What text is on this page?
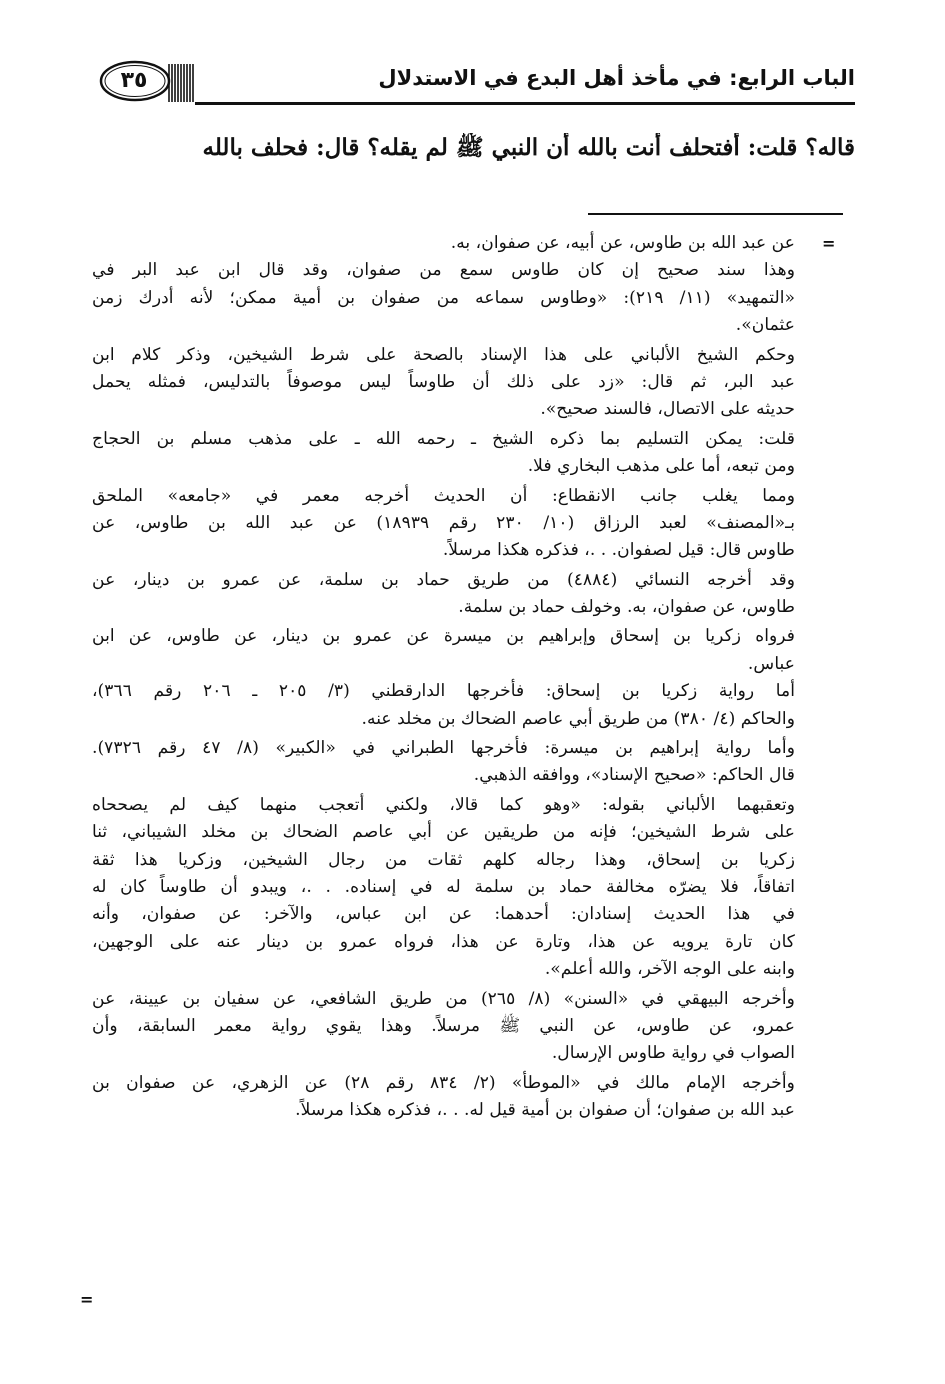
٣٥	الباب الرابع: في مأخذ أهل البدع في الاستدلال
قاله؟ قلت: أفتحلف أنت بالله أن النبي ﷺ لم يقله؟ قال: فحلف بالله
=
=
عن عبد الله بن طاوس، عن أبيه، عن صفوان، به.
وهذا سند صحيح إن كان طاوس سمع من صفوان، وقد قال ابن عبد البر في
«التمهيد» (١١/ ٢١٩): «وطاوس سماعه من صفوان بن أمية ممكن؛ لأنه أدرك زمن
عثمان».
وحكم الشيخ الألباني على هذا الإسناد بالصحة على شرط الشيخين، وذكر كلام ابن
عبد البر، ثم قال: «زد على ذلك أن طاوساً ليس موصوفاً بالتدليس، فمثله يحمل
حديثه على الاتصال، فالسند صحيح».
قلت: يمكن التسليم بما ذكره الشيخ ـ رحمه الله ـ على مذهب مسلم بن الحجاج
ومن تبعه، أما على مذهب البخاري فلا.
ومما يغلب جانب الانقطاع: أن الحديث أخرجه معمر في «جامعه» الملحق
بـ«المصنف» لعبد الرزاق (١٠/ ٢٣٠ رقم ١٨٩٣٩) عن عبد الله بن طاوس، عن
طاوس قال: قيل لصفوان. . .، فذكره هكذا مرسلاً.
وقد أخرجه النسائي (٤٨٨٤) من طريق حماد بن سلمة، عن عمرو بن دينار، عن
طاوس، عن صفوان، به. وخولف حماد بن سلمة.
فرواه زكريا بن إسحاق وإبراهيم بن ميسرة عن عمرو بن دينار، عن طاوس، عن ابن
عباس.
أما رواية زكريا بن إسحاق: فأخرجها الدارقطني (٣/ ٢٠٥ ـ ٢٠٦ رقم ٣٦٦)،
والحاكم (٤/ ٣٨٠) من طريق أبي عاصم الضحاك بن مخلد عنه.
وأما رواية إبراهيم بن ميسرة: فأخرجها الطبراني في «الكبير» (٨/ ٤٧ رقم ٧٣٢٦).
قال الحاكم: «صحيح الإسناد»، ووافقه الذهبي.
وتعقبهما الألباني بقوله: «وهو كما قالا، ولكني أتعجب منهما كيف لم يصححاه
على شرط الشيخين؛ فإنه من طريقين عن أبي عاصم الضحاك بن مخلد الشيباني، ثنا
زكريا بن إسحاق، وهذا رجاله كلهم ثقات من رجال الشيخين، وزكريا هذا ثقة
اتفاقاً، فلا يضرّه مخالفة حماد بن سلمة له في إسناده. . .، ويبدو أن طاوساً كان له
في هذا الحديث إسنادان: أحدهما: عن ابن عباس، والآخر: عن صفوان، وأنه
كان تارة يرويه عن هذا، وتارة عن هذا، فرواه عمرو بن دينار عنه على الوجهين،
وابنه على الوجه الآخر، والله أعلم».
وأخرجه البيهقي في «السنن» (٨/ ٢٦٥) من طريق الشافعي، عن سفيان بن عيينة، عن
عمرو، عن طاوس، عن النبي ﷺ مرسلاً. وهذا يقوي رواية معمر السابقة، وأن
الصواب في رواية طاوس الإرسال.
وأخرجه الإمام مالك في «الموطأ» (٢/ ٨٣٤ رقم ٢٨) عن الزهري، عن صفوان بن
عبد الله بن صفوان؛ أن صفوان بن أمية قيل له. . .، فذكره هكذا مرسلاً.
